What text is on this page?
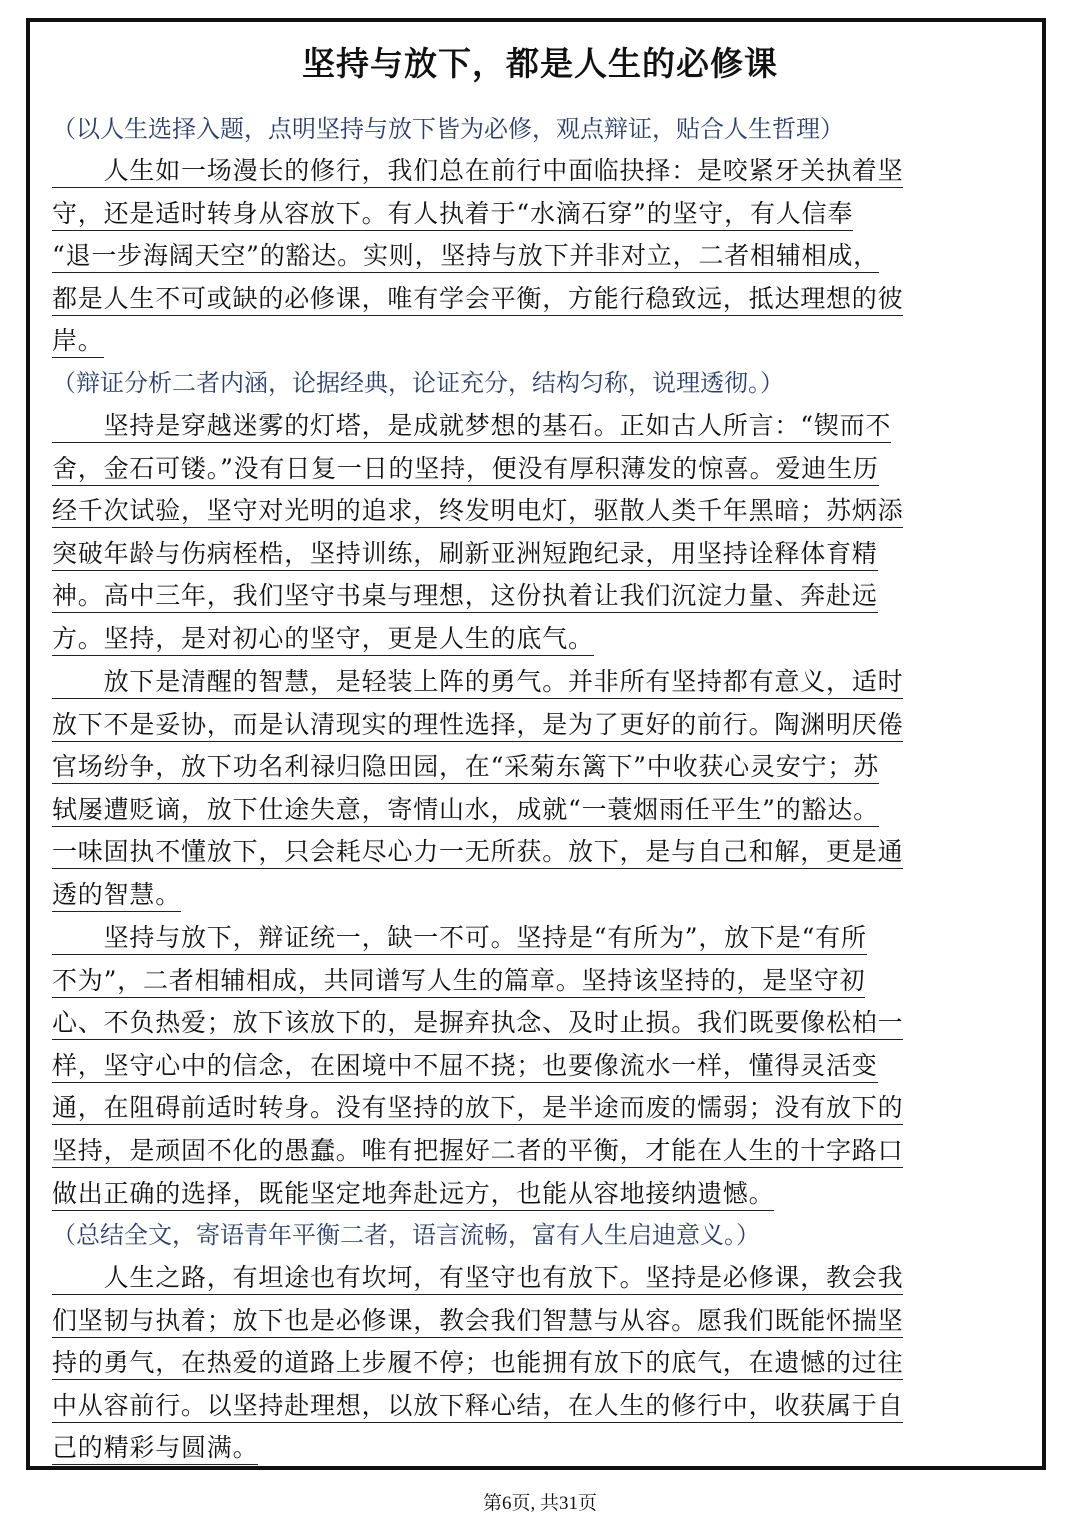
坚持与放下，都是人生的必修课
（以人生选择入题，点明坚持与放下皆为必修，观点辩证，贴合人生哲理）
　　人生如一场漫长的修行，我们总在前行中面临抉择：是咬紧牙关执着坚
守，还是适时转身从容放下。有人执着于“水滴石穿”的坚守，有人信奉
“退一步海阔天空”的豁达。实则，坚持与放下并非对立，二者相辅相成，
都是人生不可或缺的必修课，唯有学会平衡，方能行稳致远，抵达理想的彼
岸。
（辩证分析二者内涵，论据经典，论证充分，结构匀称，说理透彻。）
　　坚持是穿越迷雾的灯塔，是成就梦想的基石。正如古人所言：“锲而不
舍，金石可镂。”没有日复一日的坚持，便没有厚积薄发的惊喜。爱迪生历
经千次试验，坚守对光明的追求，终发明电灯，驱散人类千年黑暗；苏炳添
突破年龄与伤病桎梏，坚持训练，刷新亚洲短跑纪录，用坚持诠释体育精
神。高中三年，我们坚守书桌与理想，这份执着让我们沉淀力量、奔赴远
方。坚持，是对初心的坚守，更是人生的底气。
　　放下是清醒的智慧，是轻装上阵的勇气。并非所有坚持都有意义，适时
放下不是妥协，而是认清现实的理性选择，是为了更好的前行。陶渊明厌倦
官场纷争，放下功名利禄归隐田园，在“采菊东篱下”中收获心灵安宁；苏
轼屡遭贬谪，放下仕途失意，寄情山水，成就“一蓑烟雨任平生”的豁达。
一味固执不懂放下，只会耗尽心力一无所获。放下，是与自己和解，更是通
透的智慧。
　　坚持与放下，辩证统一，缺一不可。坚持是“有所为”，放下是“有所
不为”，二者相辅相成，共同谱写人生的篇章。坚持该坚持的，是坚守初
心、不负热爱；放下该放下的，是摒弃执念、及时止损。我们既要像松柏一
样，坚守心中的信念，在困境中不屈不挠；也要像流水一样，懂得灵活变
通，在阻碍前适时转身。没有坚持的放下，是半途而废的懦弱；没有放下的
坚持，是顽固不化的愚蠢。唯有把握好二者的平衡，才能在人生的十字路口
做出正确的选择，既能坚定地奔赴远方，也能从容地接纳遗憾。
（总结全文，寄语青年平衡二者，语言流畅，富有人生启迪意义。）
　　人生之路，有坦途也有坎坷，有坚守也有放下。坚持是必修课，教会我
们坚韧与执着；放下也是必修课，教会我们智慧与从容。愿我们既能怀揣坚
持的勇气，在热爱的道路上步履不停；也能拥有放下的底气，在遗憾的过往
中从容前行。以坚持赴理想，以放下释心结，在人生的修行中，收获属于自
己的精彩与圆满。
第6页, 共31页
